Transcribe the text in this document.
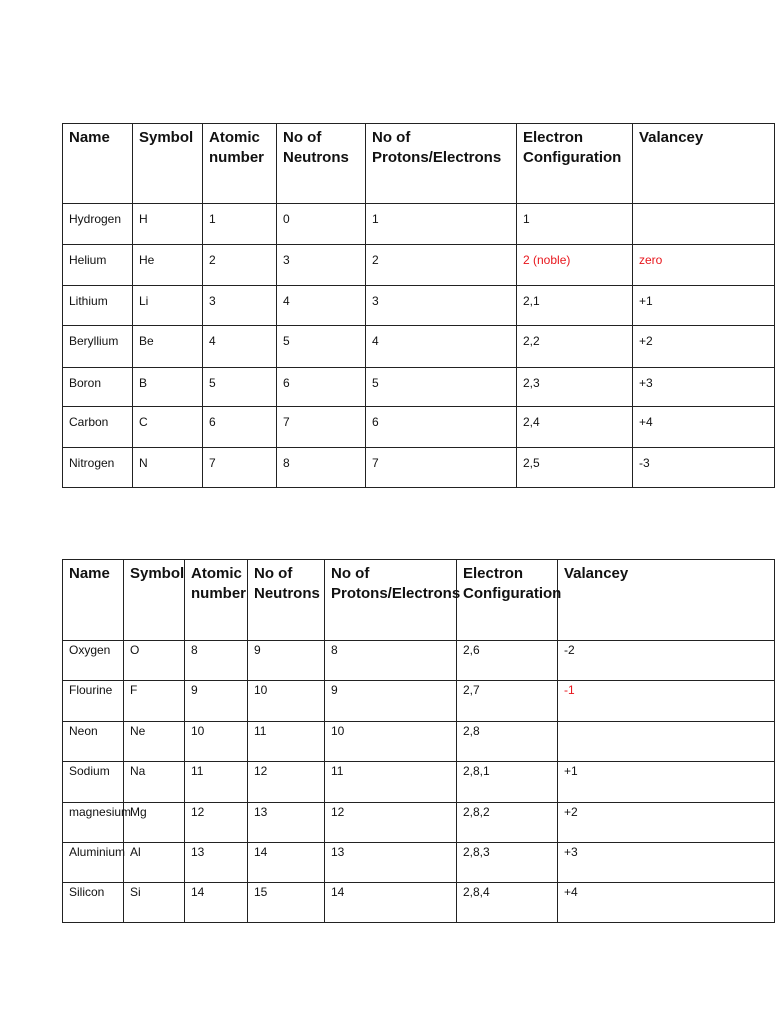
Name	Symbol	Atomic number	No of Neutrons	No of Protons/Electrons	Electron Configuration	Valancey
Hydrogen	H	1	0	1	1	
Helium	He	2	3	2	2 (noble)	zero
Lithium	Li	3	4	3	2,1	+1
Beryllium	Be	4	5	4	2,2	+2
Boron	B	5	6	5	2,3	+3
Carbon	C	6	7	6	2,4	+4
Nitrogen	N	7	8	7	2,5	-3
Name	Symbol	Atomic number	No of Neutrons	No of Protons/Electrons	Electron Configuration	Valancey
Oxygen	O	8	9	8	2,6	-2
Flourine	F	9	10	9	2,7	-1
Neon	Ne	10	11	10	2,8	
Sodium	Na	11	12	11	2,8,1	+1
magnesium	Mg	12	13	12	2,8,2	+2
Aluminium	Al	13	14	13	2,8,3	+3
Silicon	Si	14	15	14	2,8,4	+4
